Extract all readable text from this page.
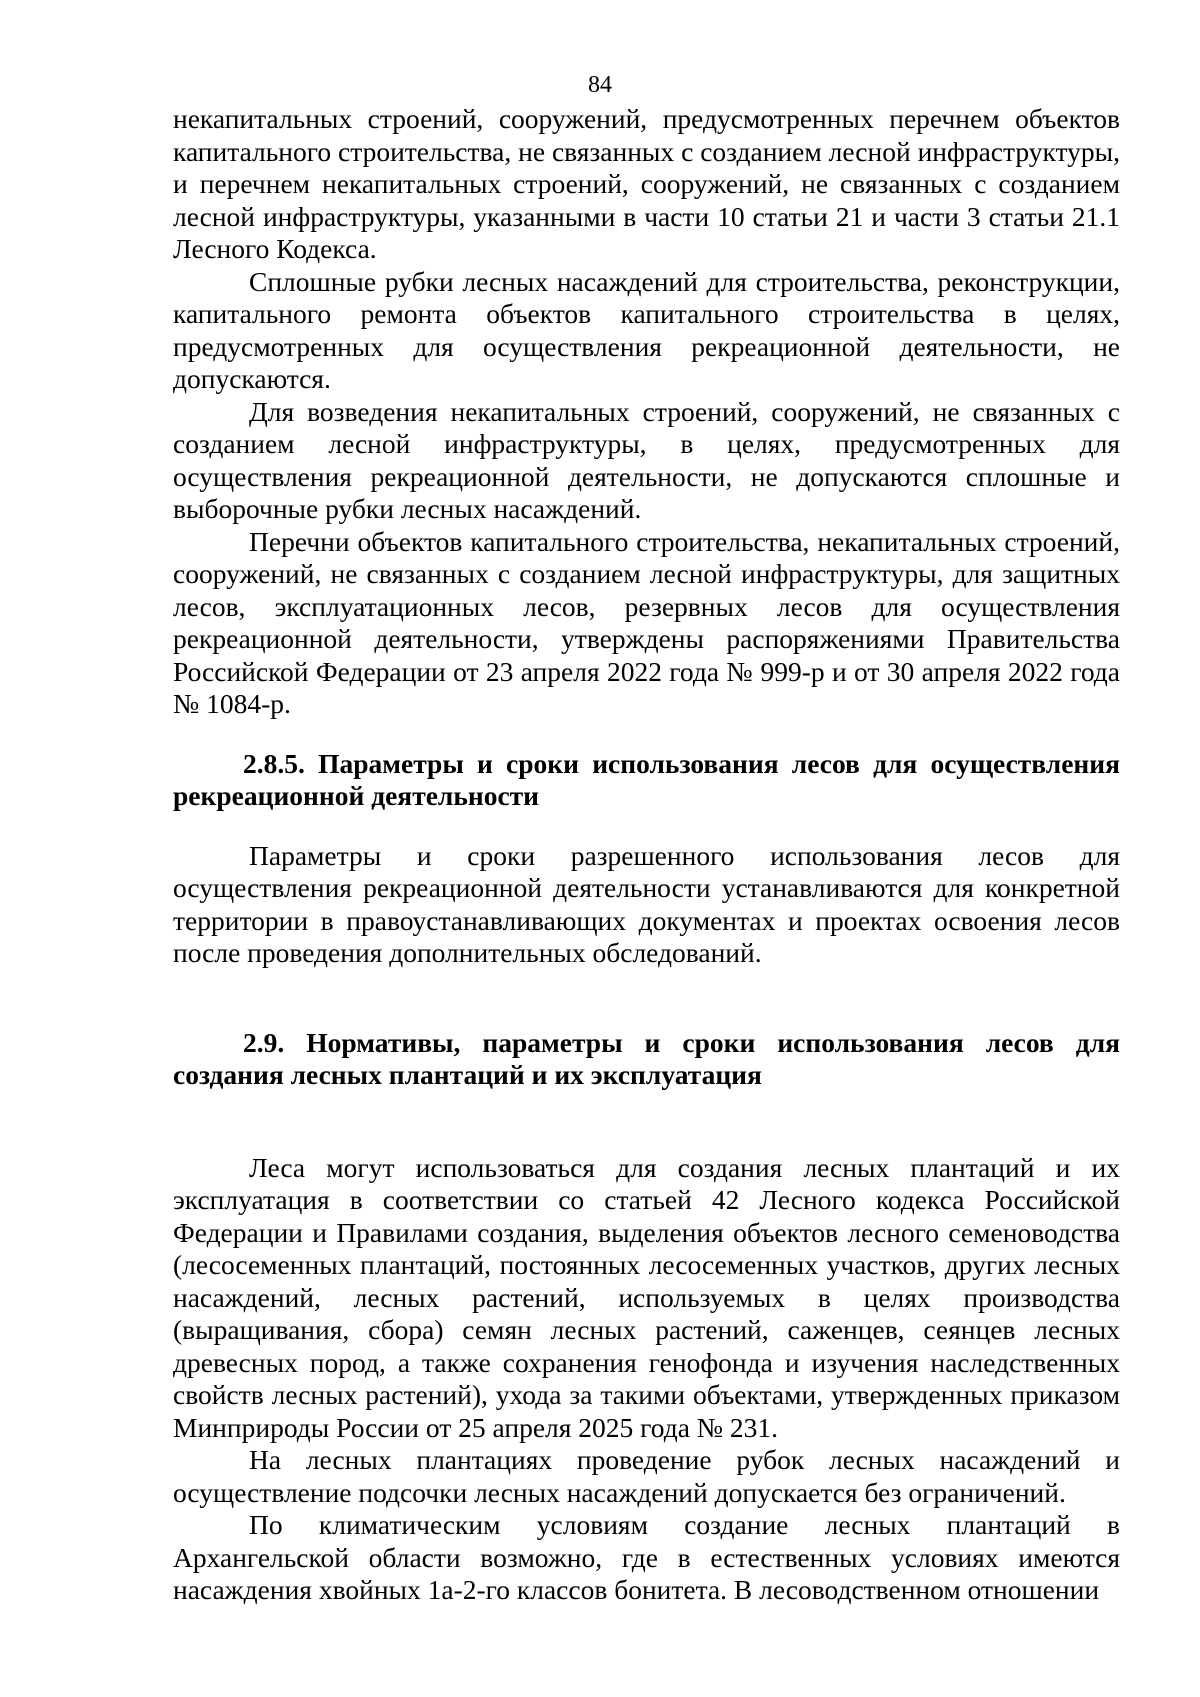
84

некапитальных строений, сооружений, предусмотренных перечнем объектов капитального строительства, не связанных с созданием лесной инфраструктуры, и перечнем некапитальных строений, сооружений, не связанных с созданием лесной инфраструктуры, указанными в части 10 статьи 21 и части 3 статьи 21.1 Лесного Кодекса.

Сплошные рубки лесных насаждений для строительства, реконструкции, капитального ремонта объектов капитального строительства в целях, предусмотренных для осуществления рекреационной деятельности, не допускаются.

Для возведения некапитальных строений, сооружений, не связанных с созданием лесной инфраструктуры, в целях, предусмотренных для осуществления рекреационной деятельности, не допускаются сплошные и выборочные рубки лесных насаждений.

Перечни объектов капитального строительства, некапитальных строений, сооружений, не связанных с созданием лесной инфраструктуры, для защитных лесов, эксплуатационных лесов, резервных лесов для осуществления рекреационной деятельности, утверждены распоряжениями Правительства Российской Федерации от 23 апреля 2022 года № 999-р и от 30 апреля 2022 года № 1084-р.

2.8.5. Параметры и сроки использования лесов для осуществления рекреационной деятельности

Параметры и сроки разрешенного использования лесов для осуществления рекреационной деятельности устанавливаются для конкретной территории в правоустанавливающих документах и проектах освоения лесов после проведения дополнительных обследований.

2.9. Нормативы, параметры и сроки использования лесов для создания лесных плантаций и их эксплуатация

Леса могут использоваться для создания лесных плантаций и их эксплуатация в соответствии со статьей 42 Лесного кодекса Российской Федерации и Правилами создания, выделения объектов лесного семеноводства (лесосеменных плантаций, постоянных лесосеменных участков, других лесных насаждений, лесных растений, используемых в целях производства (выращивания, сбора) семян лесных растений, саженцев, сеянцев лесных древесных пород, а также сохранения генофонда и изучения наследственных свойств лесных растений), ухода за такими объектами, утвержденных приказом Минприроды России от 25 апреля 2025 года № 231.

На лесных плантациях проведение рубок лесных насаждений и осуществление подсочки лесных насаждений допускается без ограничений.

По климатическим условиям создание лесных плантаций в Архангельской области возможно, где в естественных условиях имеются насаждения хвойных 1а-2-го классов бонитета. В лесоводственном отношении
